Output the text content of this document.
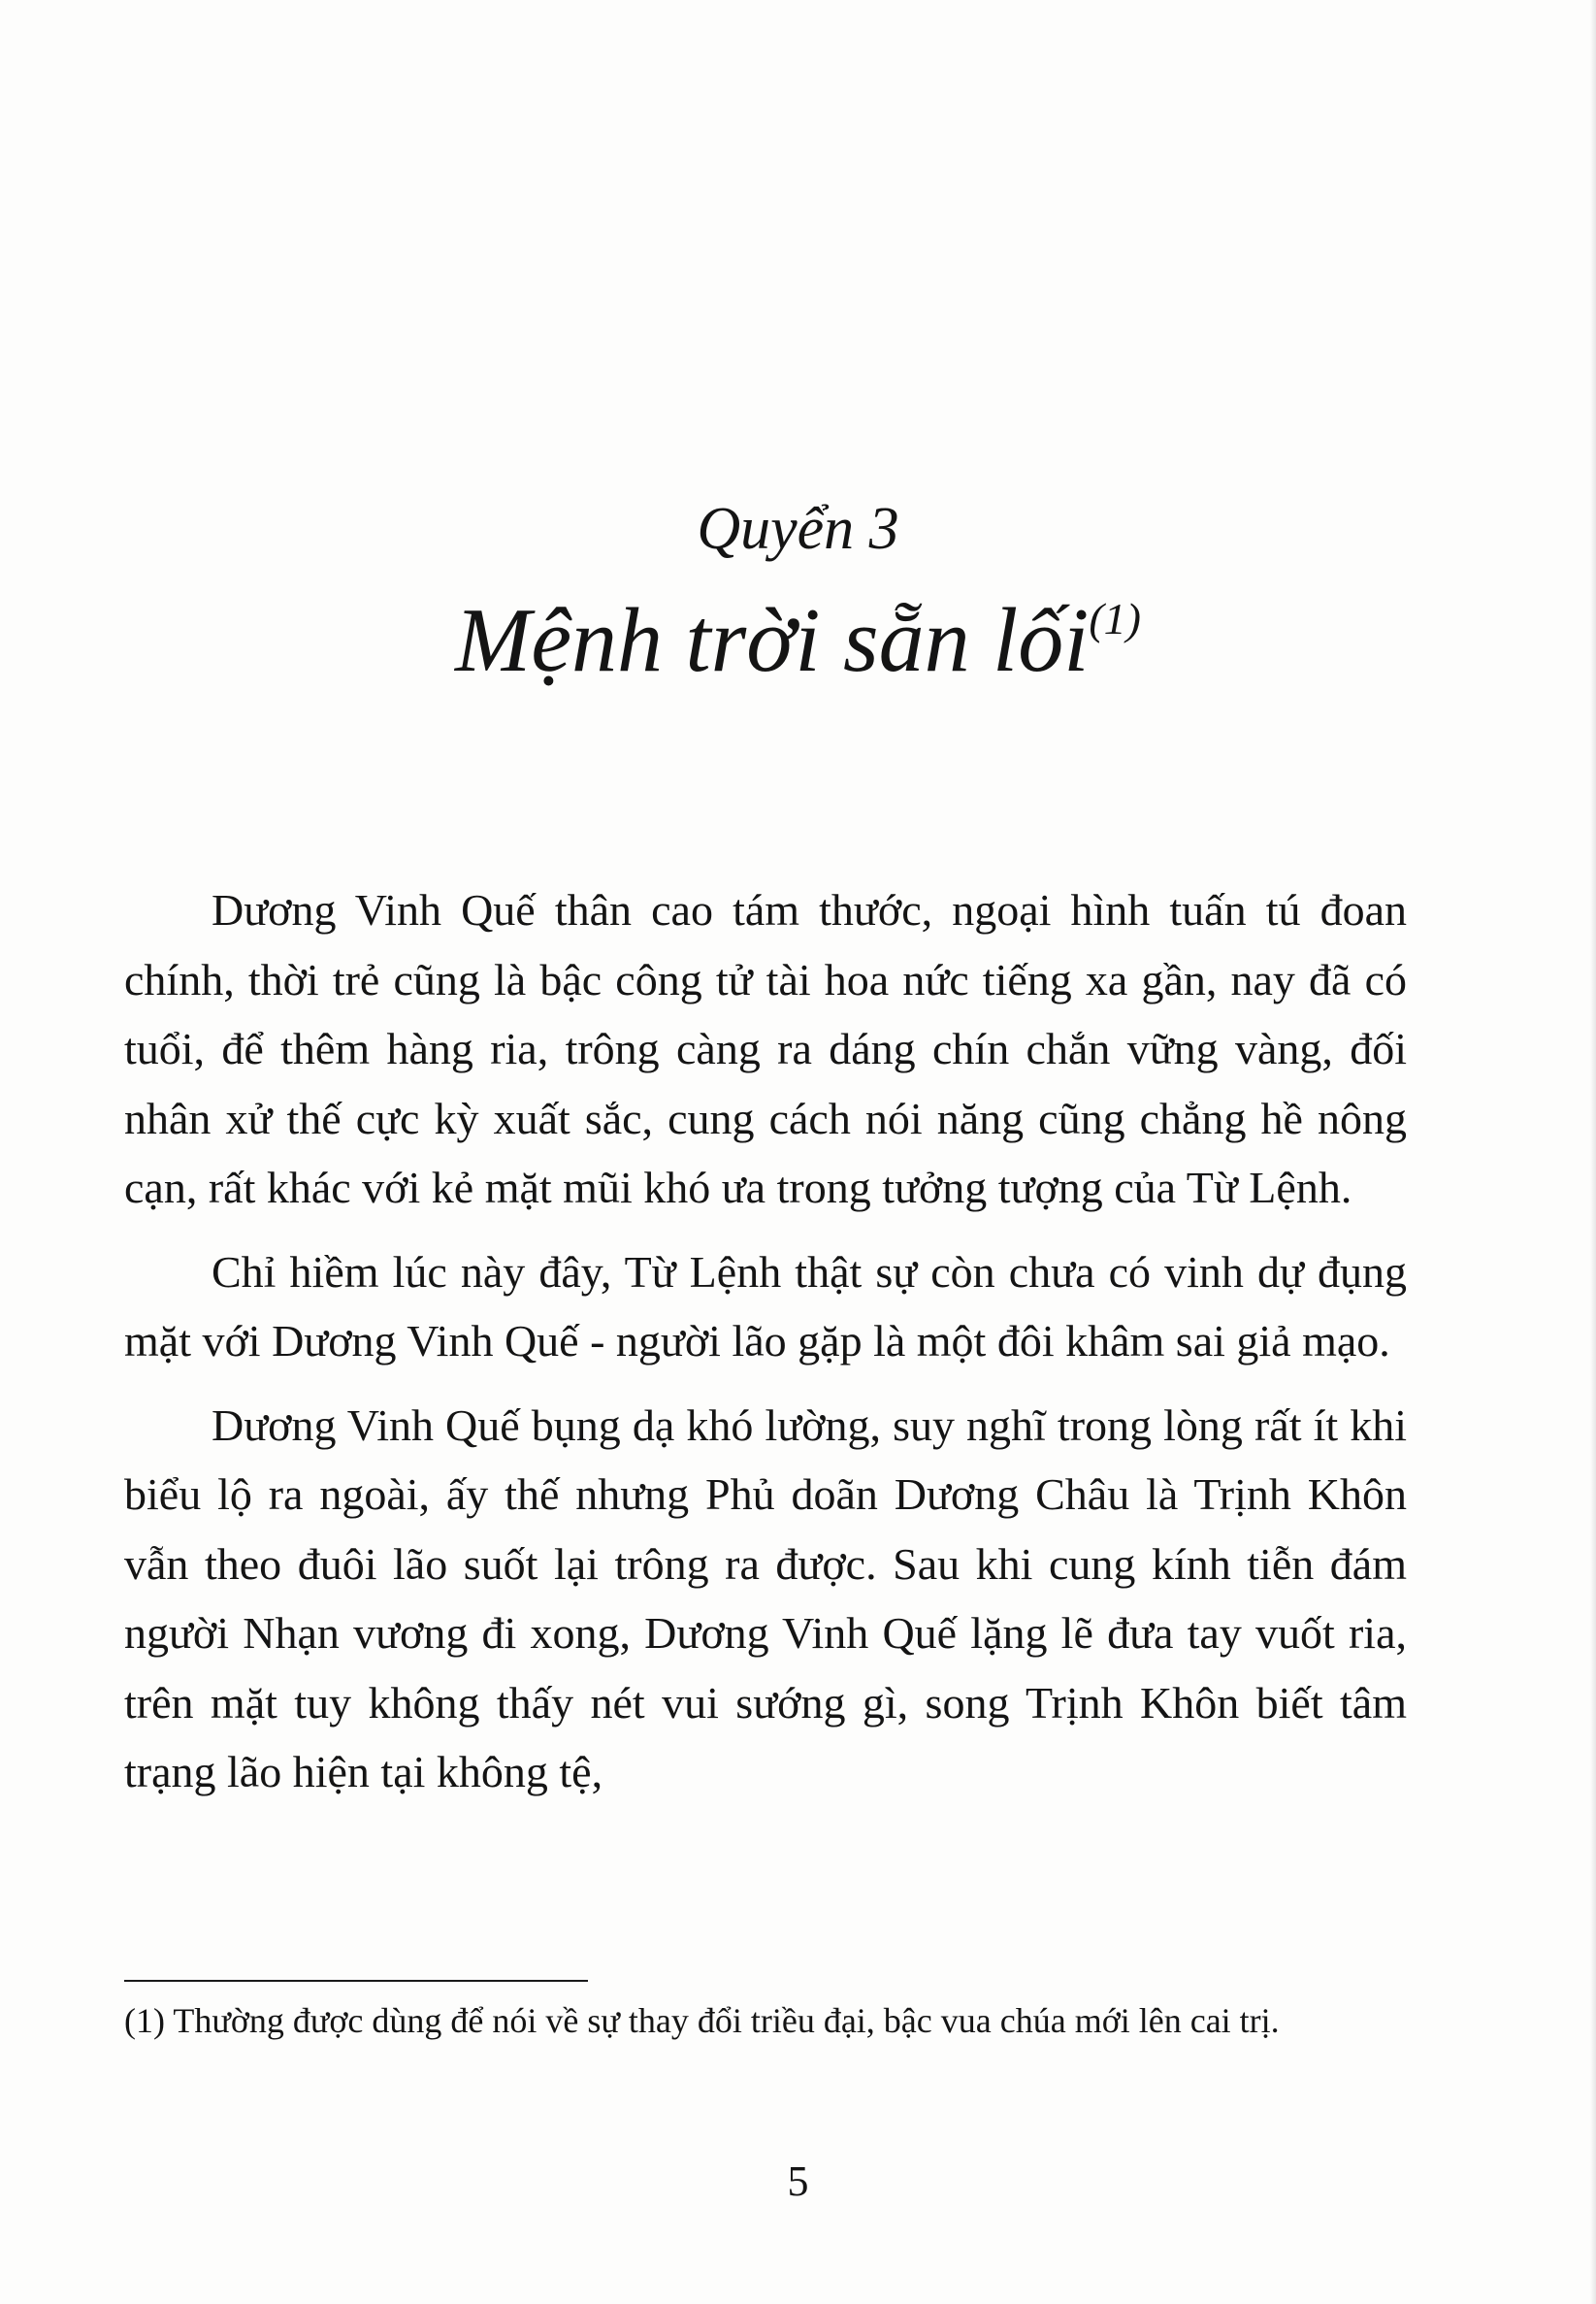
Quyển 3
Mệnh trời sẵn lối$^{(1)}$

Dương Vinh Quế thân cao tám thước, ngoại hình tuấn tú đoan chính, thời trẻ cũng là bậc công tử tài hoa nức tiếng xa gần, nay đã có tuổi, để thêm hàng ria, trông càng ra dáng chín chắn vững vàng, đối nhân xử thế cực kỳ xuất sắc, cung cách nói năng cũng chẳng hề nông cạn, rất khác với kẻ mặt mũi khó ưa trong tưởng tượng của Từ Lệnh.

Chỉ hiềm lúc này đây, Từ Lệnh thật sự còn chưa có vinh dự đụng mặt với Dương Vinh Quế - người lão gặp là một đôi khâm sai giả mạo.

Dương Vinh Quế bụng dạ khó lường, suy nghĩ trong lòng rất ít khi biểu lộ ra ngoài, ấy thế nhưng Phủ doãn Dương Châu là Trịnh Khôn vẫn theo đuôi lão suốt lại trông ra được. Sau khi cung kính tiễn đám người Nhạn vương đi xong, Dương Vinh Quế lặng lẽ đưa tay vuốt ria, trên mặt tuy không thấy nét vui sướng gì, song Trịnh Khôn biết tâm trạng lão hiện tại không tệ,

(1) Thường được dùng để nói về sự thay đổi triều đại, bậc vua chúa mới lên cai trị.

5
